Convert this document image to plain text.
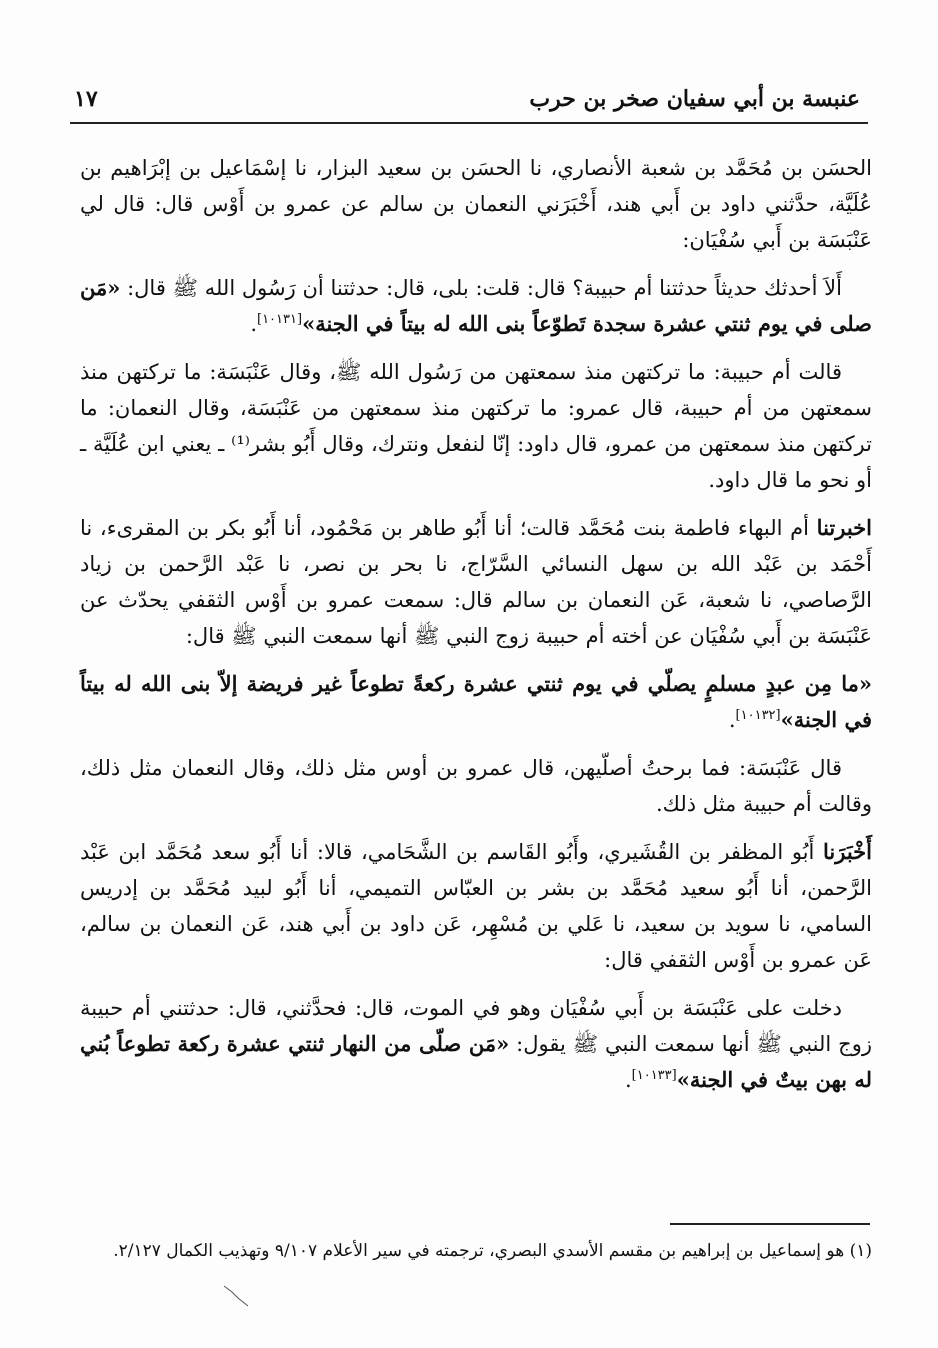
عنبسة بن أبي سفيان صخر بن حرب
١٧

الحسَن بن مُحَمَّد بن شعبة الأنصاري، نا الحسَن بن سعيد البزار، نا إسْمَاعيل بن إبْرَاهيم بن عُلَيَّة، حدَّثني داود بن أَبي هند، أَخْبَرَني النعمان بن سالم عن عمرو بن أَوْس قال: قال لي عَنْبَسَة بن أَبي سُفْيَان:

أَلاَ أحدثك حديثاً حدثتنا أم حبيبة؟ قال: قلت: بلى، قال: حدثتنا أن رَسُول الله ﷺ قال: «مَن صلى في يوم ثنتي عشرة سجدة تَطوّعاً بنى الله له بيتاً في الجنة»[١٠١٣١].

قالت أم حبيبة: ما تركتهن منذ سمعتهن من رَسُول الله ﷺ، وقال عَنْبَسَة: ما تركتهن منذ سمعتهن من أم حبيبة، قال عمرو: ما تركتهن منذ سمعتهن من عَنْبَسَة، وقال النعمان: ما تركتهن منذ سمعتهن من عمرو، قال داود: إنّا لنفعل ونترك، وقال أَبُو بشر⁽¹⁾ ـ يعني ابن عُلَيَّة ـ أو نحو ما قال داود.

اخبرتنا أم البهاء فاطمة بنت مُحَمَّد قالت؛ أنا أَبُو طاهر بن مَحْمُود، أنا أَبُو بكر بن المقرىء، نا أَحْمَد بن عَبْد الله بن سهل النسائي السَّرّاج، نا بحر بن نصر، نا عَبْد الرَّحمن بن زياد الرَّصاصي، نا شعبة، عَن النعمان بن سالم قال: سمعت عمرو بن أَوْس الثقفي يحدّث عن عَنْبَسَة بن أَبي سُفْيَان عن أخته أم حبيبة زوج النبي ﷺ أنها سمعت النبي ﷺ قال:

«ما مِن عبدٍ مسلمٍ يصلّي في يوم ثنتي عشرة ركعةً تطوعاً غير فريضة إلاّ بنى الله له بيتاً في الجنة»[١٠١٣٢].

قال عَنْبَسَة: فما برحتُ أصلّيهن، قال عمرو بن أوس مثل ذلك، وقال النعمان مثل ذلك، وقالت أم حبيبة مثل ذلك.

أَخْبَرَنا أَبُو المظفر بن القُشَيري، وأَبُو القَاسم بن الشَّحَامي، قالا: أنا أَبُو سعد مُحَمَّد ابن عَبْد الرَّحمن، أنا أَبُو سعيد مُحَمَّد بن بشر بن العبّاس التميمي، أنا أَبُو لبيد مُحَمَّد بن إدريس السامي، نا سويد بن سعيد، نا عَلي بن مُسْهِر، عَن داود بن أَبي هند، عَن النعمان بن سالم، عَن عمرو بن أَوْس الثقفي قال:

دخلت على عَنْبَسَة بن أَبي سُفْيَان وهو في الموت، قال: فحدَّثني، قال: حدثتني أم حبيبة زوج النبي ﷺ أنها سمعت النبي ﷺ يقول: «مَن صلّى من النهار ثنتي عشرة ركعة تطوعاً بُني له بهن بيتٌ في الجنة»[١٠١٣٣].

(١) هو إسماعيل بن إبراهيم بن مقسم الأسدي البصري، ترجمته في سير الأعلام ٩/١٠٧ وتهذيب الكمال ٢/١٢٧.
